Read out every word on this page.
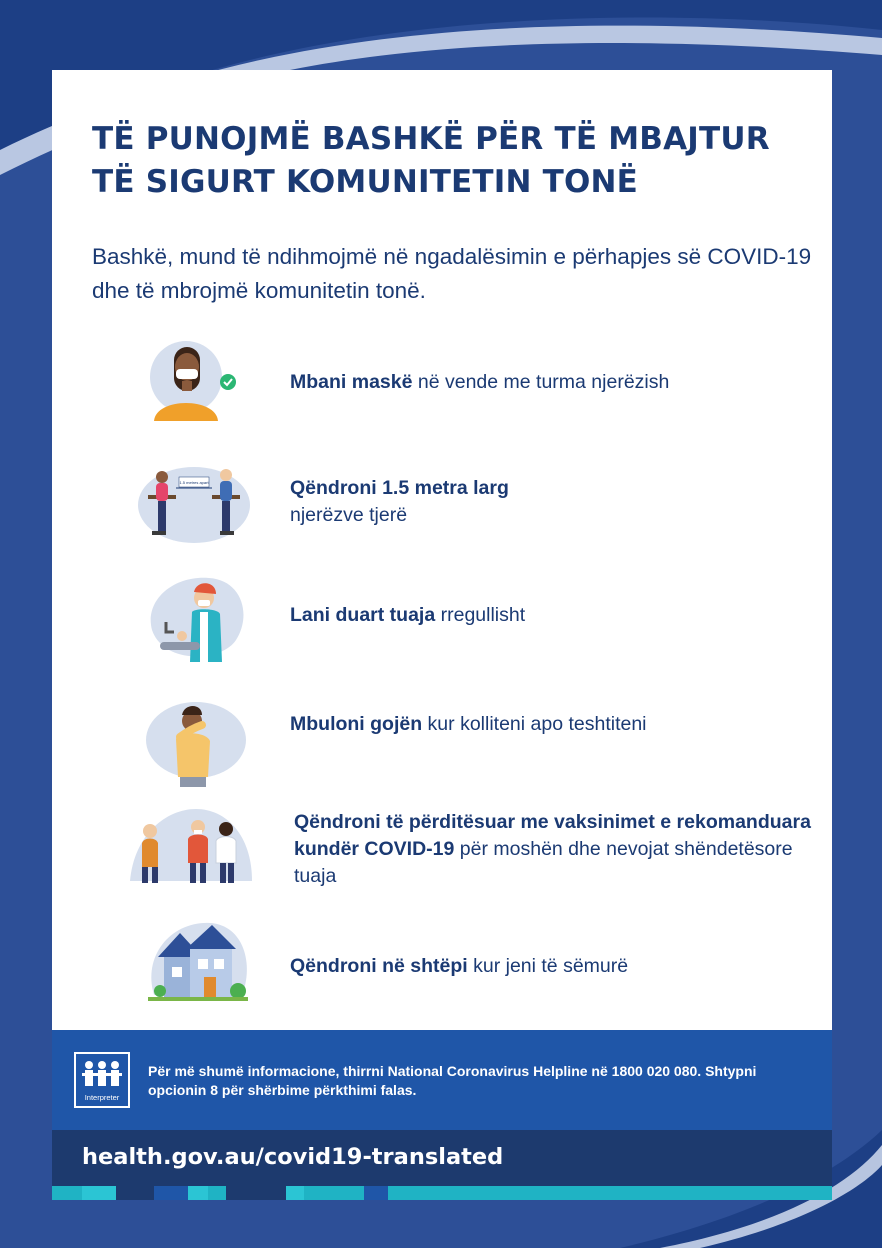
TË PUNOJMË BASHKË PËR TË MBAJTUR TË SIGURT KOMUNITETIN TONË

Bashkë, mund të ndihmojmë në ngadalësimin e përhapjes së COVID-19 dhe të mbrojmë komunitetin tonë.

Mbani maskë në vende me turma njerëzish
1.5 metres apart	Qëndroni 1.5 metra larg
njerëzve tjerë
Lani duart tuaja rregullisht
Mbuloni gojën kur kolliteni apo teshtiteni
Qëndroni të përditësuar me vaksinimet e rekomanduara kundër COVID-19 për moshën dhe nevojat shëndetësore tuaja
Qëndroni në shtëpi kur jeni të sëmurë
Interpreter
Për më shumë informacione, thirrni National Coronavirus Helpline në 1800 020 080. Shtypni opcionin 8 për shërbime përkthimi falas.
health.gov.au/covid19-translated
